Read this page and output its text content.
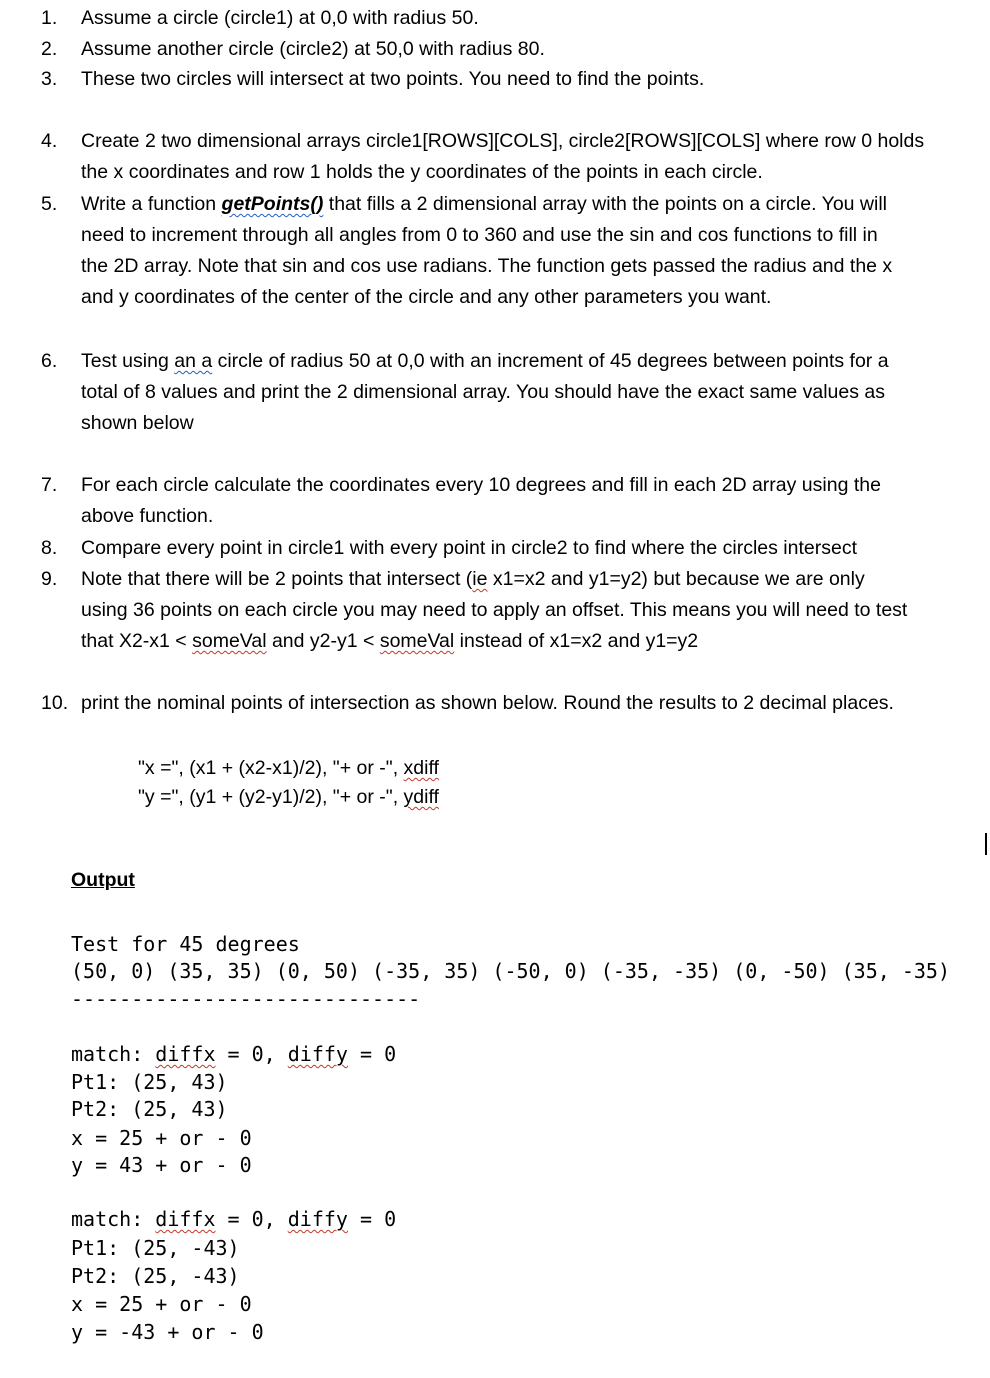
1.	Assume a circle (circle1) at 0,0 with radius 50.
2.	Assume another circle (circle2) at 50,0 with radius 80.
3.	These two circles will intersect at two points. You need to find the points.
4.	Create 2 two dimensional arrays circle1[ROWS][COLS], circle2[ROWS][COLS] where row 0 holds
the x coordinates and row 1 holds the y coordinates of the points in each circle.
5.	Write a function getPoints() that fills a 2 dimensional array with the points on a circle. You will
need to increment through all angles from 0 to 360 and use the sin and cos functions to fill in
the 2D array. Note that sin and cos use radians. The function gets passed the radius and the x
and y coordinates of the center of the circle and any other parameters you want.
6.	Test using an a circle of radius 50 at 0,0 with an increment of 45 degrees between points for a
total of 8 values and print the 2 dimensional array. You should have the exact same values as
shown below
7.	For each circle calculate the coordinates every 10 degrees and fill in each 2D array using the
above function.
8.	Compare every point in circle1 with every point in circle2 to find where the circles intersect
9.	Note that there will be 2 points that intersect (ie x1=x2 and y1=y2) but because we are only
using 36 points on each circle you may need to apply an offset. This means you will need to test
that X2-x1 < someVal and y2-y1 < someVal instead of x1=x2 and y1=y2
10. print the nominal points of intersection as shown below. Round the results to 2 decimal places.
"x =", (x1 + (x2-x1)/2), "+ or -", xdiff
"y =", (y1 + (y2-y1)/2), "+ or -", ydiff
Output
Test for 45 degrees
(50, 0) (35, 35) (0, 50) (-35, 35) (-50, 0) (-35, -35) (0, -50) (35, -35)
-----------------------------
match: diffx = 0, diffy = 0
Pt1: (25, 43)
Pt2: (25, 43)
x = 25 + or - 0
y = 43 + or - 0
match: diffx = 0, diffy = 0
Pt1: (25, -43)
Pt2: (25, -43)
x = 25 + or - 0
y = -43 + or - 0
